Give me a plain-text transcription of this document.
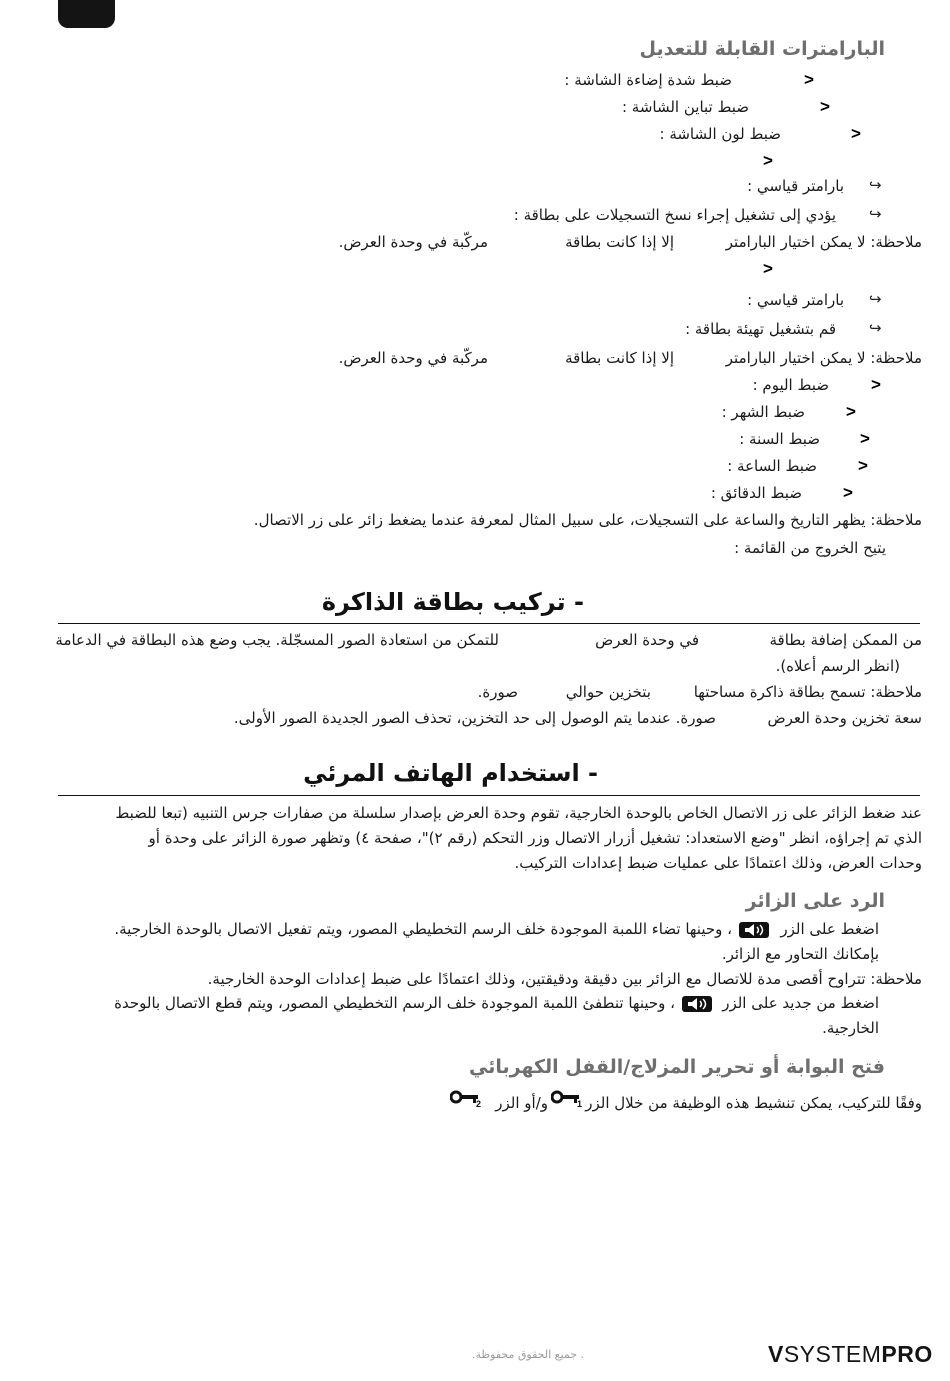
البارامترات القابلة للتعديل
ضبط شدة إضاءة الشاشة :	>
ضبط تباين الشاشة :	>
ضبط لون الشاشة :	>
>
بارامتر قياسي : ↪
يؤدي إلى تشغيل إجراء نسخ التسجيلات على بطاقة : ↪
ملاحظة: لا يمكن اختيار البارامتر
إلا إذا كانت بطاقة
مركّبة في وحدة العرض.
>
بارامتر قياسي : ↪
قم بتشغيل تهيئة بطاقة : ↪
ملاحظة: لا يمكن اختيار البارامتر
إلا إذا كانت بطاقة
مركّبة في وحدة العرض.
ضبط اليوم : >
ضبط الشهر : >
ضبط السنة : >
ضبط الساعة : >
ضبط الدقائق : >
ملاحظة: يظهر التاريخ والساعة على التسجيلات، على سبيل المثال لمعرفة عندما يضغط زائر على زر الاتصال.
يتيح الخروج من القائمة :
- تركيب بطاقة الذاكرة
من الممكن إضافة بطاقة
في وحدة العرض
للتمكن من استعادة الصور المسجّلة. يجب وضع هذه البطاقة في الدعامة
(انظر الرسم أعلاه).
ملاحظة: تسمح بطاقة ذاكرة مساحتها
بتخزين حوالي
صورة.
سعة تخزين وحدة العرض
صورة. عندما يتم الوصول إلى حد التخزين، تحذف الصور الجديدة الصور الأولى.
- استخدام الهاتف المرئي
عند ضغط الزائر على زر الاتصال الخاص بالوحدة الخارجية، تقوم وحدة العرض بإصدار سلسلة من صفارات جرس التنبيه (تبعا للضبط
الذي تم إجراؤه، انظر "وضع الاستعداد: تشغيل أزرار الاتصال وزر التحكم (رقم ٢)"، صفحة ٤) وتظهر صورة الزائر على وحدة أو
وحدات العرض، وذلك اعتمادًا على عمليات ضبط إعدادات التركيب.
الرد على الزائر
اضغط على الزر
، وحينها تضاء اللمبة الموجودة خلف الرسم التخطيطي المصور، ويتم تفعيل الاتصال بالوحدة الخارجية.
بإمكانك التحاور مع الزائر.
ملاحظة: تتراوح أقصى مدة للاتصال مع الزائر بين دقيقة ودقيقتين، وذلك اعتمادًا على ضبط إعدادات الوحدة الخارجية.
اضغط من جديد على الزر
، وحينها تنطفئ اللمبة الموجودة خلف الرسم التخطيطي المصور، ويتم قطع الاتصال بالوحدة
الخارجية.
فتح البوابة أو تحرير المزلاج/القفل الكهربائي
وفقًا للتركيب، يمكن تنشيط هذه الوظيفة من خلال الزر
1
و/أو الزر
2
. جميع الحقوق محفوظة.	VSYSTEMPRO
